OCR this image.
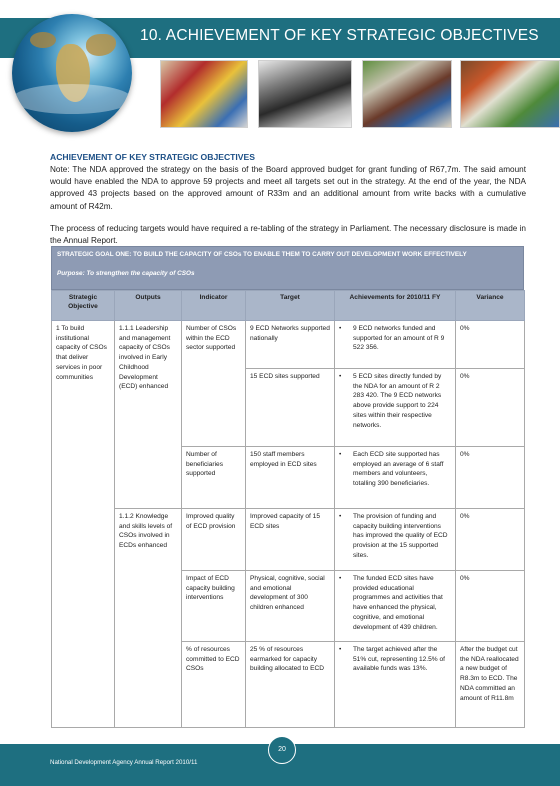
10. ACHIEVEMENT OF KEY STRATEGIC OBJECTIVES
ACHIEVEMENT OF KEY STRATEGIC OBJECTIVES

Note: The NDA approved the strategy on the basis of the Board approved budget for grant funding of R67,7m. The said amount would have enabled the NDA to approve 59 projects and meet all targets set out in the strategy. At the end of the year, the NDA approved 43 projects based on the approved amount of R33m and an additional amount from write backs with a cumulative amount of R42m.

The process of reducing targets would have required a re-tabling of the strategy in Parliament. The necessary disclosure is made in the Annual Report.

STRATEGIC GOAL ONE: TO BUILD THE CAPACITY OF CSOs TO ENABLE THEM TO CARRY OUT DEVELOPMENT WORK EFFECTIVELY
Purpose: To strengthen the capacity of CSOs
Strategic Objective	Outputs	Indicator	Target	Achievements for 2010/11 FY	Variance
1 To build institutional capacity of CSOs that deliver services in poor communities	1.1.1 Leadership and management capacity of CSOs involved in Early Childhood Development (ECD) enhanced	Number of CSOs within the ECD sector supported	9 ECD Networks supported nationally	• 9 ECD networks funded and supported for an amount of R 9 522 356.	0%
			15 ECD sites supported	• 5 ECD sites directly funded by the NDA for an amount of R 2 283 420. The 9 ECD networks above provide support to 224 sites within their respective networks.	0%
		Number of beneficiaries supported	150 staff members employed in ECD sites	• Each ECD site supported has employed an average of 6 staff members and volunteers, totalling 390 beneficiaries.	0%
	1.1.2 Knowledge and skills levels of CSOs involved in ECDs enhanced	Improved quality of ECD provision	Improved capacity of 15 ECD sites	• The provision of funding and capacity building interventions has improved the quality of ECD provision at the 15 supported sites.	0%
		Impact of ECD capacity building interventions	Physical, cognitive, social and emotional development of 300 children enhanced	• The funded ECD sites have provided educational programmes and activities that have enhanced the physical, cognitive, and emotional development of 439 children.	0%
		% of resources committed to ECD CSOs	25 % of resources earmarked for capacity building allocated to ECD	• The target achieved after the 51% cut, representing 12.5% of available funds was 13%.	After the budget cut the NDA reallocated a new budget of R8.3m to ECD. The NDA committed an amount of R11.8m
National Development Agency Annual Report 2010/11
20
